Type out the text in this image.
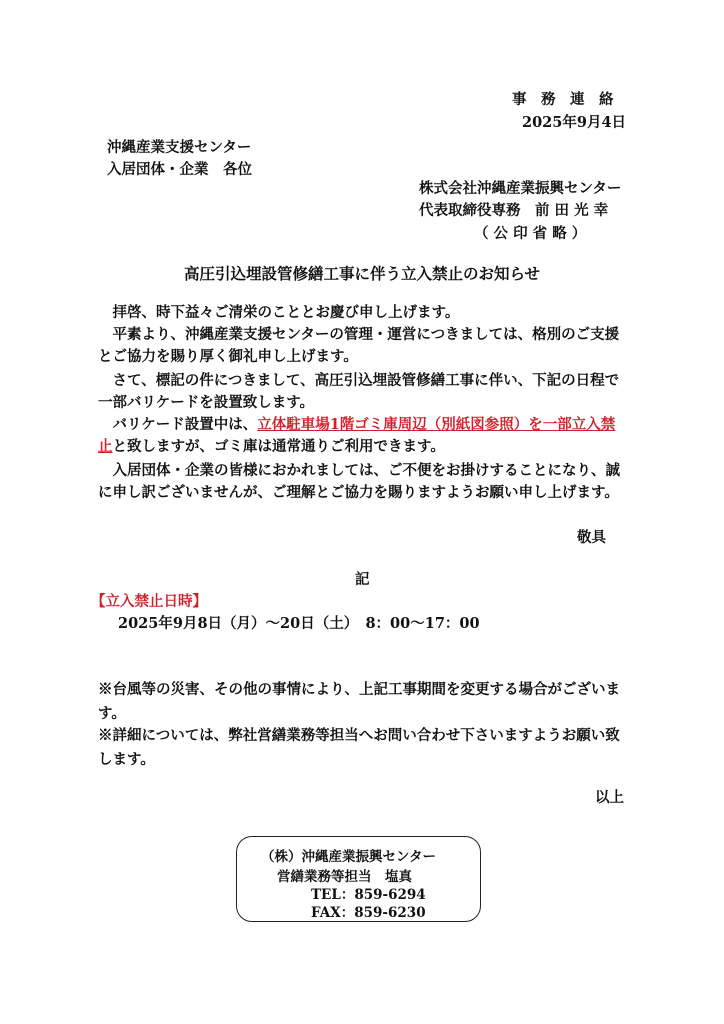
事　務　連　絡
2025年9月4日
沖縄産業支援センター
入居団体・企業　各位
株式会社沖縄産業振興センター
代表取締役専務　前 田 光 幸
（ 公 印 省 略 ）
高圧引込埋設管修繕工事に伴う立入禁止のお知らせ
拝啓、時下益々ご清栄のこととお慶び申し上げます。
平素より、沖縄産業支援センターの管理・運営につきましては、格別のご支援とご協力を賜り厚く御礼申し上げます。
さて、標記の件につきまして、高圧引込埋設管修繕工事に伴い、下記の日程で一部バリケードを設置致します。
バリケード設置中は、立体駐車場1階ゴミ庫周辺（別紙図参照）を一部立入禁止と致しますが、ゴミ庫は通常通りご利用できます。
入居団体・企業の皆様におかれましては、ご不便をお掛けすることになり、誠に申し訳ございませんが、ご理解とご協力を賜りますようお願い申し上げます。
敬具
記
【立入禁止日時】
2025年9月8日（月）～20日（土）　8：00～17：00
※台風等の災害、その他の事情により、上記工事期間を変更する場合がございます。
※詳細については、弊社営繕業務等担当へお問い合わせ下さいますようお願い致します。
以上
（株）沖縄産業振興センター
営繕業務等担当　塩真
TEL：859-6294
FAX：859-6230
